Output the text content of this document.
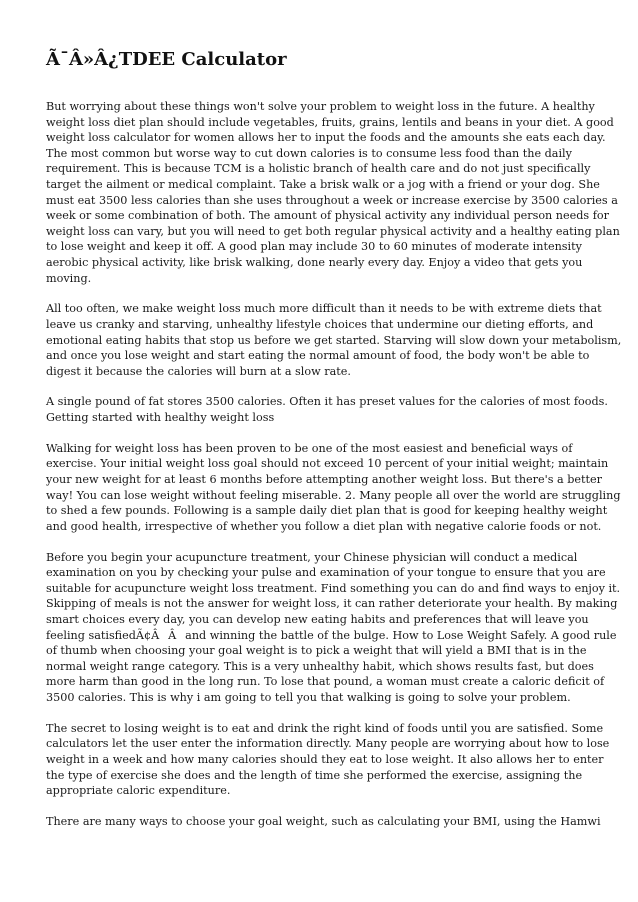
Ã¯Â»Â¿TDEE Calculator

But worrying about these things won't solve your problem to weight loss in the future. A healthy
weight loss diet plan should include vegetables, fruits, grains, lentils and beans in your diet. A good
weight loss calculator for women allows her to input the foods and the amounts she eats each day.
The most common but worse way to cut down calories is to consume less food than the daily
requirement. This is because TCM is a holistic branch of health care and do not just specifically
target the ailment or medical complaint. Take a brisk walk or a jog with a friend or your dog. She
must eat 3500 less calories than she uses throughout a week or increase exercise by 3500 calories a
week or some combination of both. The amount of physical activity any individual person needs for
weight loss can vary, but you will need to get both regular physical activity and a healthy eating plan
to lose weight and keep it off. A good plan may include 30 to 60 minutes of moderate intensity
aerobic physical activity, like brisk walking, done nearly every day. Enjoy a video that gets you
moving.

All too often, we make weight loss much more difficult than it needs to be with extreme diets that
leave us cranky and starving, unhealthy lifestyle choices that undermine our dieting efforts, and
emotional eating habits that stop us before we get started. Starving will slow down your metabolism,
and once you lose weight and start eating the normal amount of food, the body won't be able to
digest it because the calories will burn at a slow rate.

A single pound of fat stores 3500 calories. Often it has preset values for the calories of most foods.
Getting started with healthy weight loss

Walking for weight loss has been proven to be one of the most easiest and beneficial ways of
exercise. Your initial weight loss goal should not exceed 10 percent of your initial weight; maintain
your new weight for at least 6 months before attempting another weight loss. But there's a better
way! You can lose weight without feeling miserable. 2. Many people all over the world are struggling
to shed a few pounds. Following is a sample daily diet plan that is good for keeping healthy weight
and good health, irrespective of whether you follow a diet plan with negative calorie foods or not.

Before you begin your acupuncture treatment, your Chinese physician will conduct a medical
examination on you by checking your pulse and examination of your tongue to ensure that you are
suitable for acupuncture weight loss treatment. Find something you can do and find ways to enjoy it.
Skipping of meals is not the answer for weight loss, it can rather deteriorate your health. By making
smart choices every day, you can develop new eating habits and preferences that will leave you
feeling satisfiedÃ¢ÂÂand winning the battle of the bulge. How to Lose Weight Safely. A good rule
of thumb when choosing your goal weight is to pick a weight that will yield a BMI that is in the
normal weight range category. This is a very unhealthy habit, which shows results fast, but does
more harm than good in the long run. To lose that pound, a woman must create a caloric deficit of
3500 calories. This is why i am going to tell you that walking is going to solve your problem.

The secret to losing weight is to eat and drink the right kind of foods until you are satisfied. Some
calculators let the user enter the information directly. Many people are worrying about how to lose
weight in a week and how many calories should they eat to lose weight. It also allows her to enter
the type of exercise she does and the length of time she performed the exercise, assigning the
appropriate caloric expenditure.

There are many ways to choose your goal weight, such as calculating your BMI, using the Hamwi
